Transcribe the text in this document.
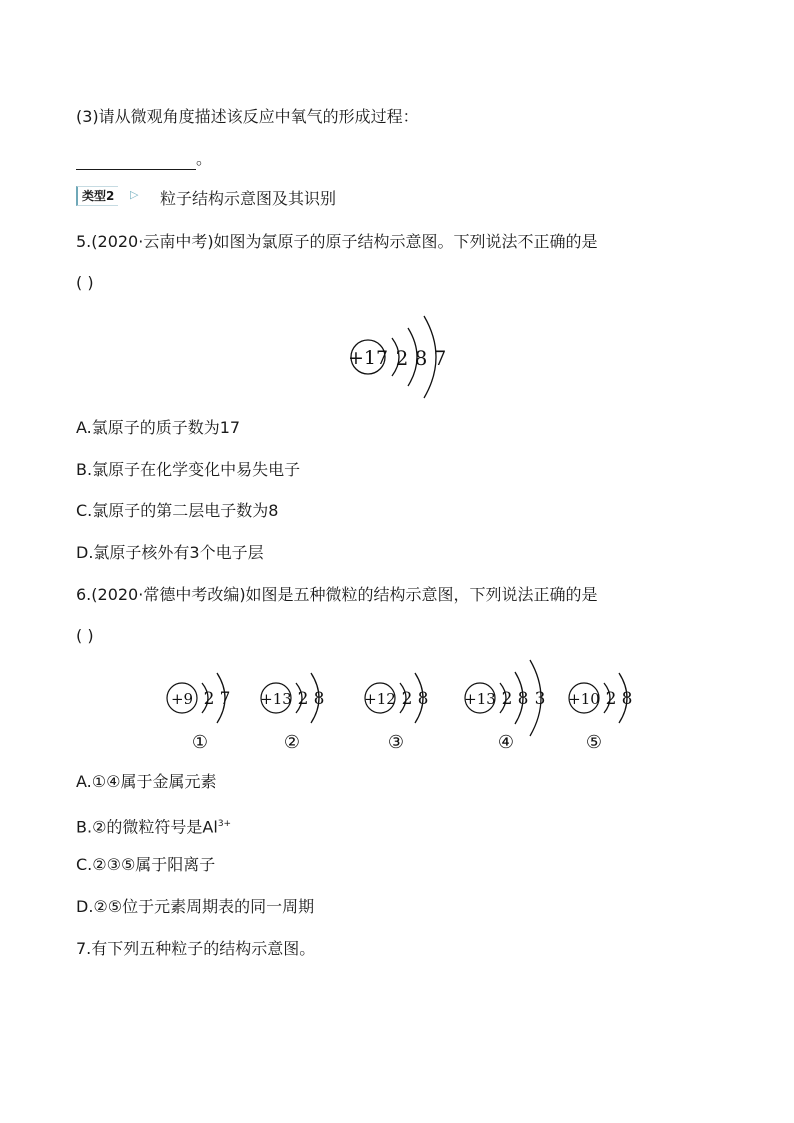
(3)请从微观角度描述该反应中氧气的形成过程：
。
类型2	▷ 粒子结构示意图及其识别
5.(2020·云南中考)如图为氯原子的原子结构示意图。下列说法不正确的是
( )
+17 2 8 7
A.氯原子的质子数为17
B.氯原子在化学变化中易失电子
C.氯原子的第二层电子数为8
D.氯原子核外有3个电子层
6.(2020·常德中考改编)如图是五种微粒的结构示意图，下列说法正确的是
( )
+9 2 7
①
+13 2 8
②
+12 2 8
③
+13 2 8 3
④
+10 2 8
⑤
A.①④属于金属元素
B.②的微粒符号是$Al^{3+}$
C.②③⑤属于阳离子
D.②⑤位于元素周期表的同一周期
7.有下列五种粒子的结构示意图。
